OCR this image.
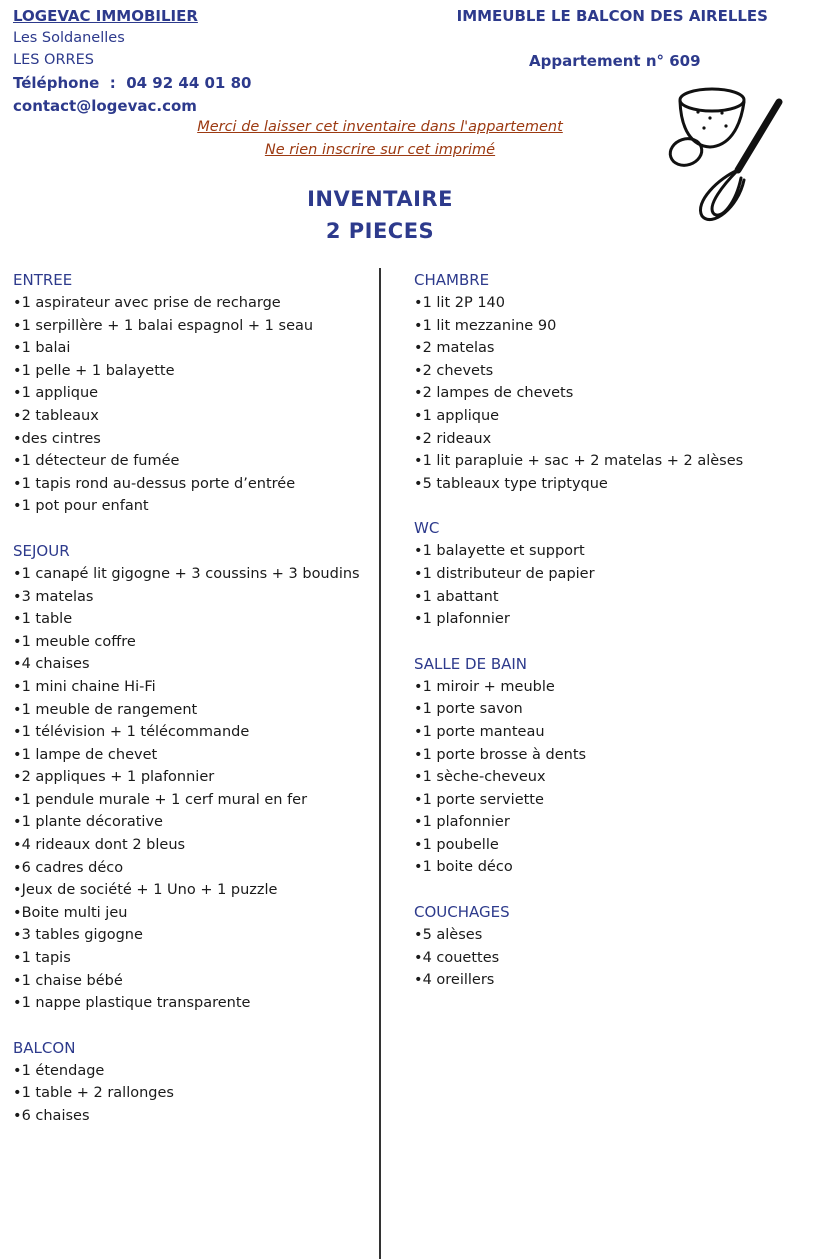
LOGEVAC IMMOBILIER
Les Soldanelles
LES ORRES
Téléphone  :  04 92 44 01 80
contact@logevac.com
IMMEUBLE LE BALCON DES AIRELLES
Appartement n° 609
Merci de laisser cet inventaire dans l'appartement
Ne rien inscrire sur cet imprimé
INVENTAIRE
2 PIECES
ENTREE
•1 aspirateur avec prise de recharge
•1 serpillère + 1 balai espagnol + 1 seau
•1 balai
•1 pelle + 1 balayette
•1 applique
•2 tableaux
•des cintres
•1 détecteur de fumée
•1 tapis rond au-dessus porte d’entrée
•1 pot pour enfant
SEJOUR
•1 canapé lit gigogne + 3 coussins + 3 boudins
•3 matelas
•1 table
•1 meuble coffre
•4 chaises
•1 mini chaine Hi-Fi
•1 meuble de rangement
•1 télévision + 1 télécommande
•1 lampe de chevet
•2 appliques + 1 plafonnier
•1 pendule murale + 1 cerf mural en fer
•1 plante décorative
•4 rideaux dont 2 bleus
•6 cadres déco
•Jeux de société + 1 Uno + 1 puzzle
•Boite multi jeu
•3 tables gigogne
•1 tapis
•1 chaise bébé
•1 nappe plastique transparente
BALCON
•1 étendage
•1 table + 2 rallonges
•6 chaises
CHAMBRE
•1 lit 2P 140
•1 lit mezzanine 90
•2 matelas
•2 chevets
•2 lampes de chevets
•1 applique
•2 rideaux
•1 lit parapluie + sac + 2 matelas + 2 alèses
•5 tableaux type triptyque
WC
•1 balayette et support
•1 distributeur de papier
•1 abattant
•1 plafonnier
SALLE DE BAIN
•1 miroir + meuble
•1 porte savon
•1 porte manteau
•1 porte brosse à dents
•1 sèche-cheveux
•1 porte serviette
•1 plafonnier
•1 poubelle
•1 boite déco
COUCHAGES
•5 alèses
•4 couettes
•4 oreillers
